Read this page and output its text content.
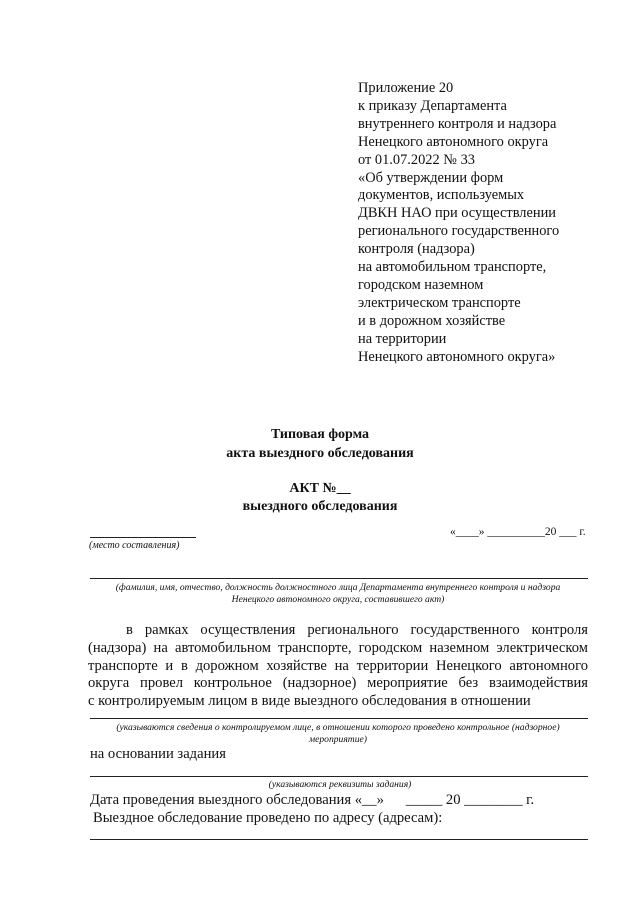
Приложение 20
к приказу Департамента
внутреннего контроля и надзора
Ненецкого автономного округа
от 01.07.2022 № 33
«Об утверждении форм
документов, используемых
ДВКН НАО при осуществлении
регионального государственного
контроля (надзора)
на автомобильном транспорте,
городском наземном
электрическом транспорте
и в дорожном хозяйстве
на территории
Ненецкого автономного округа»
Типовая форма
акта выездного обследования
АКТ №__
выездного обследования
(место составления)
«____» __________20 ___ г.
(фамилия, имя, отчество, должность должностного лица Департамента внутреннего контроля и надзора
Ненецкого автономного округа, составившего акт)
в рамках осуществления регионального государственного контроля
(надзора) на автомобильном транспорте, городском наземном электрическом
транспорте и в дорожном хозяйстве на территории Ненецкого автономного
округа провел контрольное (надзорное) мероприятие без взаимодействия
с контролируемым лицом в виде выездного обследования в отношении
(указываются сведения о контролируемом лице, в отношении которого проведено контрольное (надзорное)
мероприятие)
на основании задания
(указываются реквизиты задания)
Дата проведения выездного обследования «__»      _____ 20 ________ г.
Выездное обследование проведено по адресу (адресам):
